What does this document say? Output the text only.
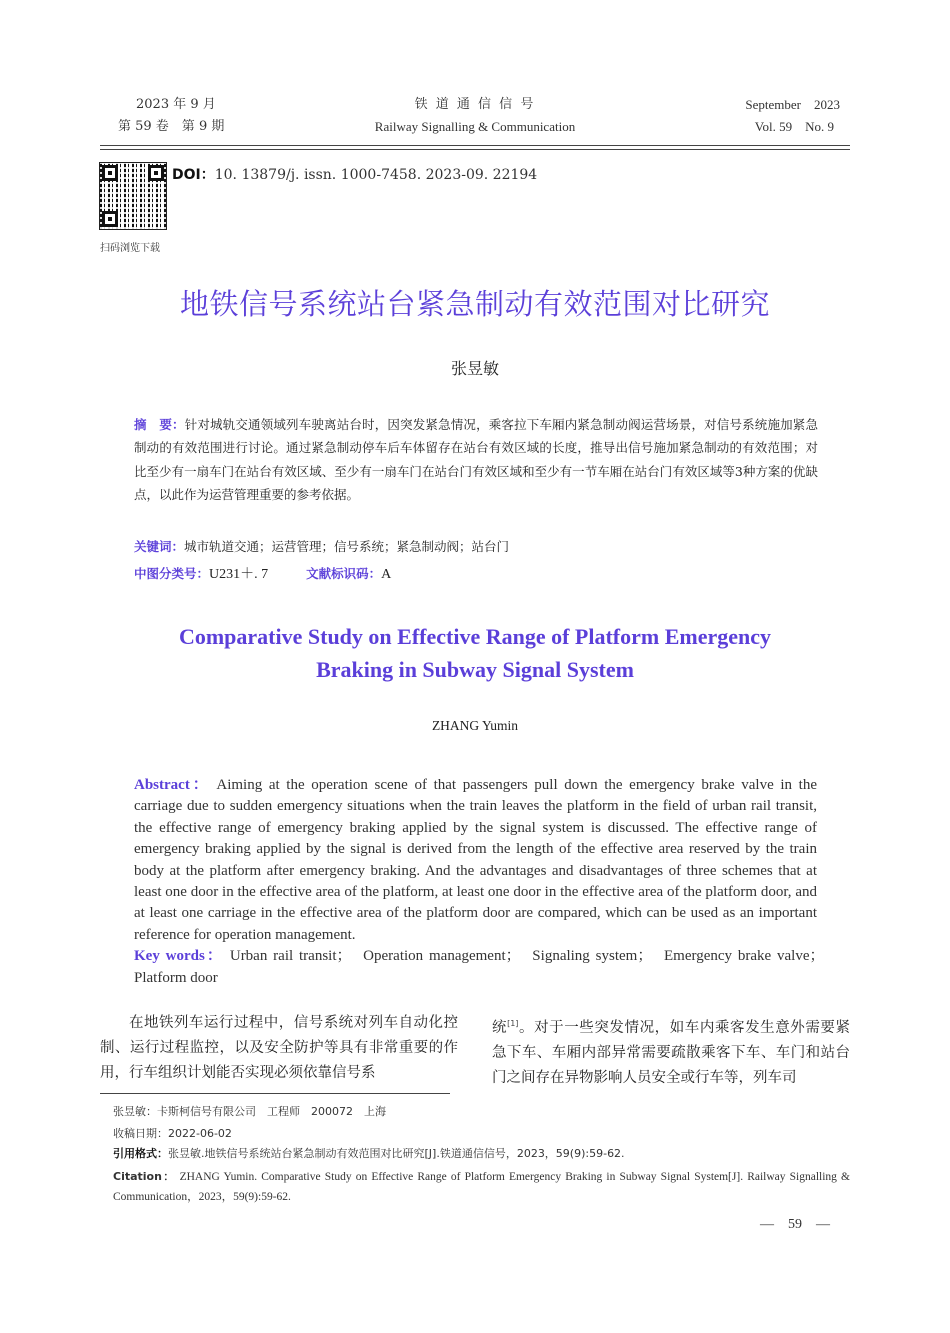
2023 年 9 月
第 59 卷　第 9 期
铁 道 通 信 信 号
Railway Signalling & Communication
September　2023
Vol. 59　No. 9
扫码浏览下载
DOI：10. 13879/j. issn. 1000-7458. 2023-09. 22194
地铁信号系统站台紧急制动有效范围对比研究
张昱敏
摘　要：针对城轨交通领域列车驶离站台时，因突发紧急情况，乘客拉下车厢内紧急制动阀运营场景，对信号系统施加紧急制动的有效范围进行讨论。通过紧急制动停车后车体留存在站台有效区域的长度，推导出信号施加紧急制动的有效范围；对比至少有一扇车门在站台有效区域、至少有一扇车门在站台门有效区域和至少有一节车厢在站台门有效区域等3种方案的优缺点，以此作为运营管理重要的参考依据。
关键词：城市轨道交通；运营管理；信号系统；紧急制动阀；站台门
中图分类号：U231＋. 7	文献标识码：A
Comparative Study on Effective Range of Platform Emergency
Braking in Subway Signal System
ZHANG Yumin
Abstract： Aiming at the operation scene of that passengers pull down the emergency brake valve in the carriage due to sudden emergency situations when the train leaves the platform in the field of urban rail transit, the effective range of emergency braking applied by the signal system is discussed. The effective range of emergency braking applied by the signal is derived from the length of the effective area reserved by the train body at the platform after emergency braking. And the advantages and disadvantages of three schemes that at least one door in the effective area of the platform, at least one door in the effective area of the platform door, and at least one carriage in the effective area of the platform door are compared, which can be used as an important reference for operation management.
Key words： Urban rail transit；　Operation management；　Signaling system；　Emergency brake valve；　Platform door
在地铁列车运行过程中，信号系统对列车自动化控制、运行过程监控，以及安全防护等具有非常重要的作用，行车组织计划能否实现必须依靠信号系
统[1]。对于一些突发情况，如车内乘客发生意外需要紧急下车、车厢内部异常需要疏散乘客下车、车门和站台门之间存在异物影响人员安全或行车等，列车司
张昱敏：卡斯柯信号有限公司　工程师　200072　上海
收稿日期：2022-06-02
引用格式：张昱敏.地铁信号系统站台紧急制动有效范围对比研究[J].铁道通信信号，2023，59(9):59-62.
Citation： ZHANG Yumin. Comparative Study on Effective Range of Platform Emergency Braking in Subway Signal System[J]. Railway Signalling & Communication，2023，59(9):59-62.
—　59　—
